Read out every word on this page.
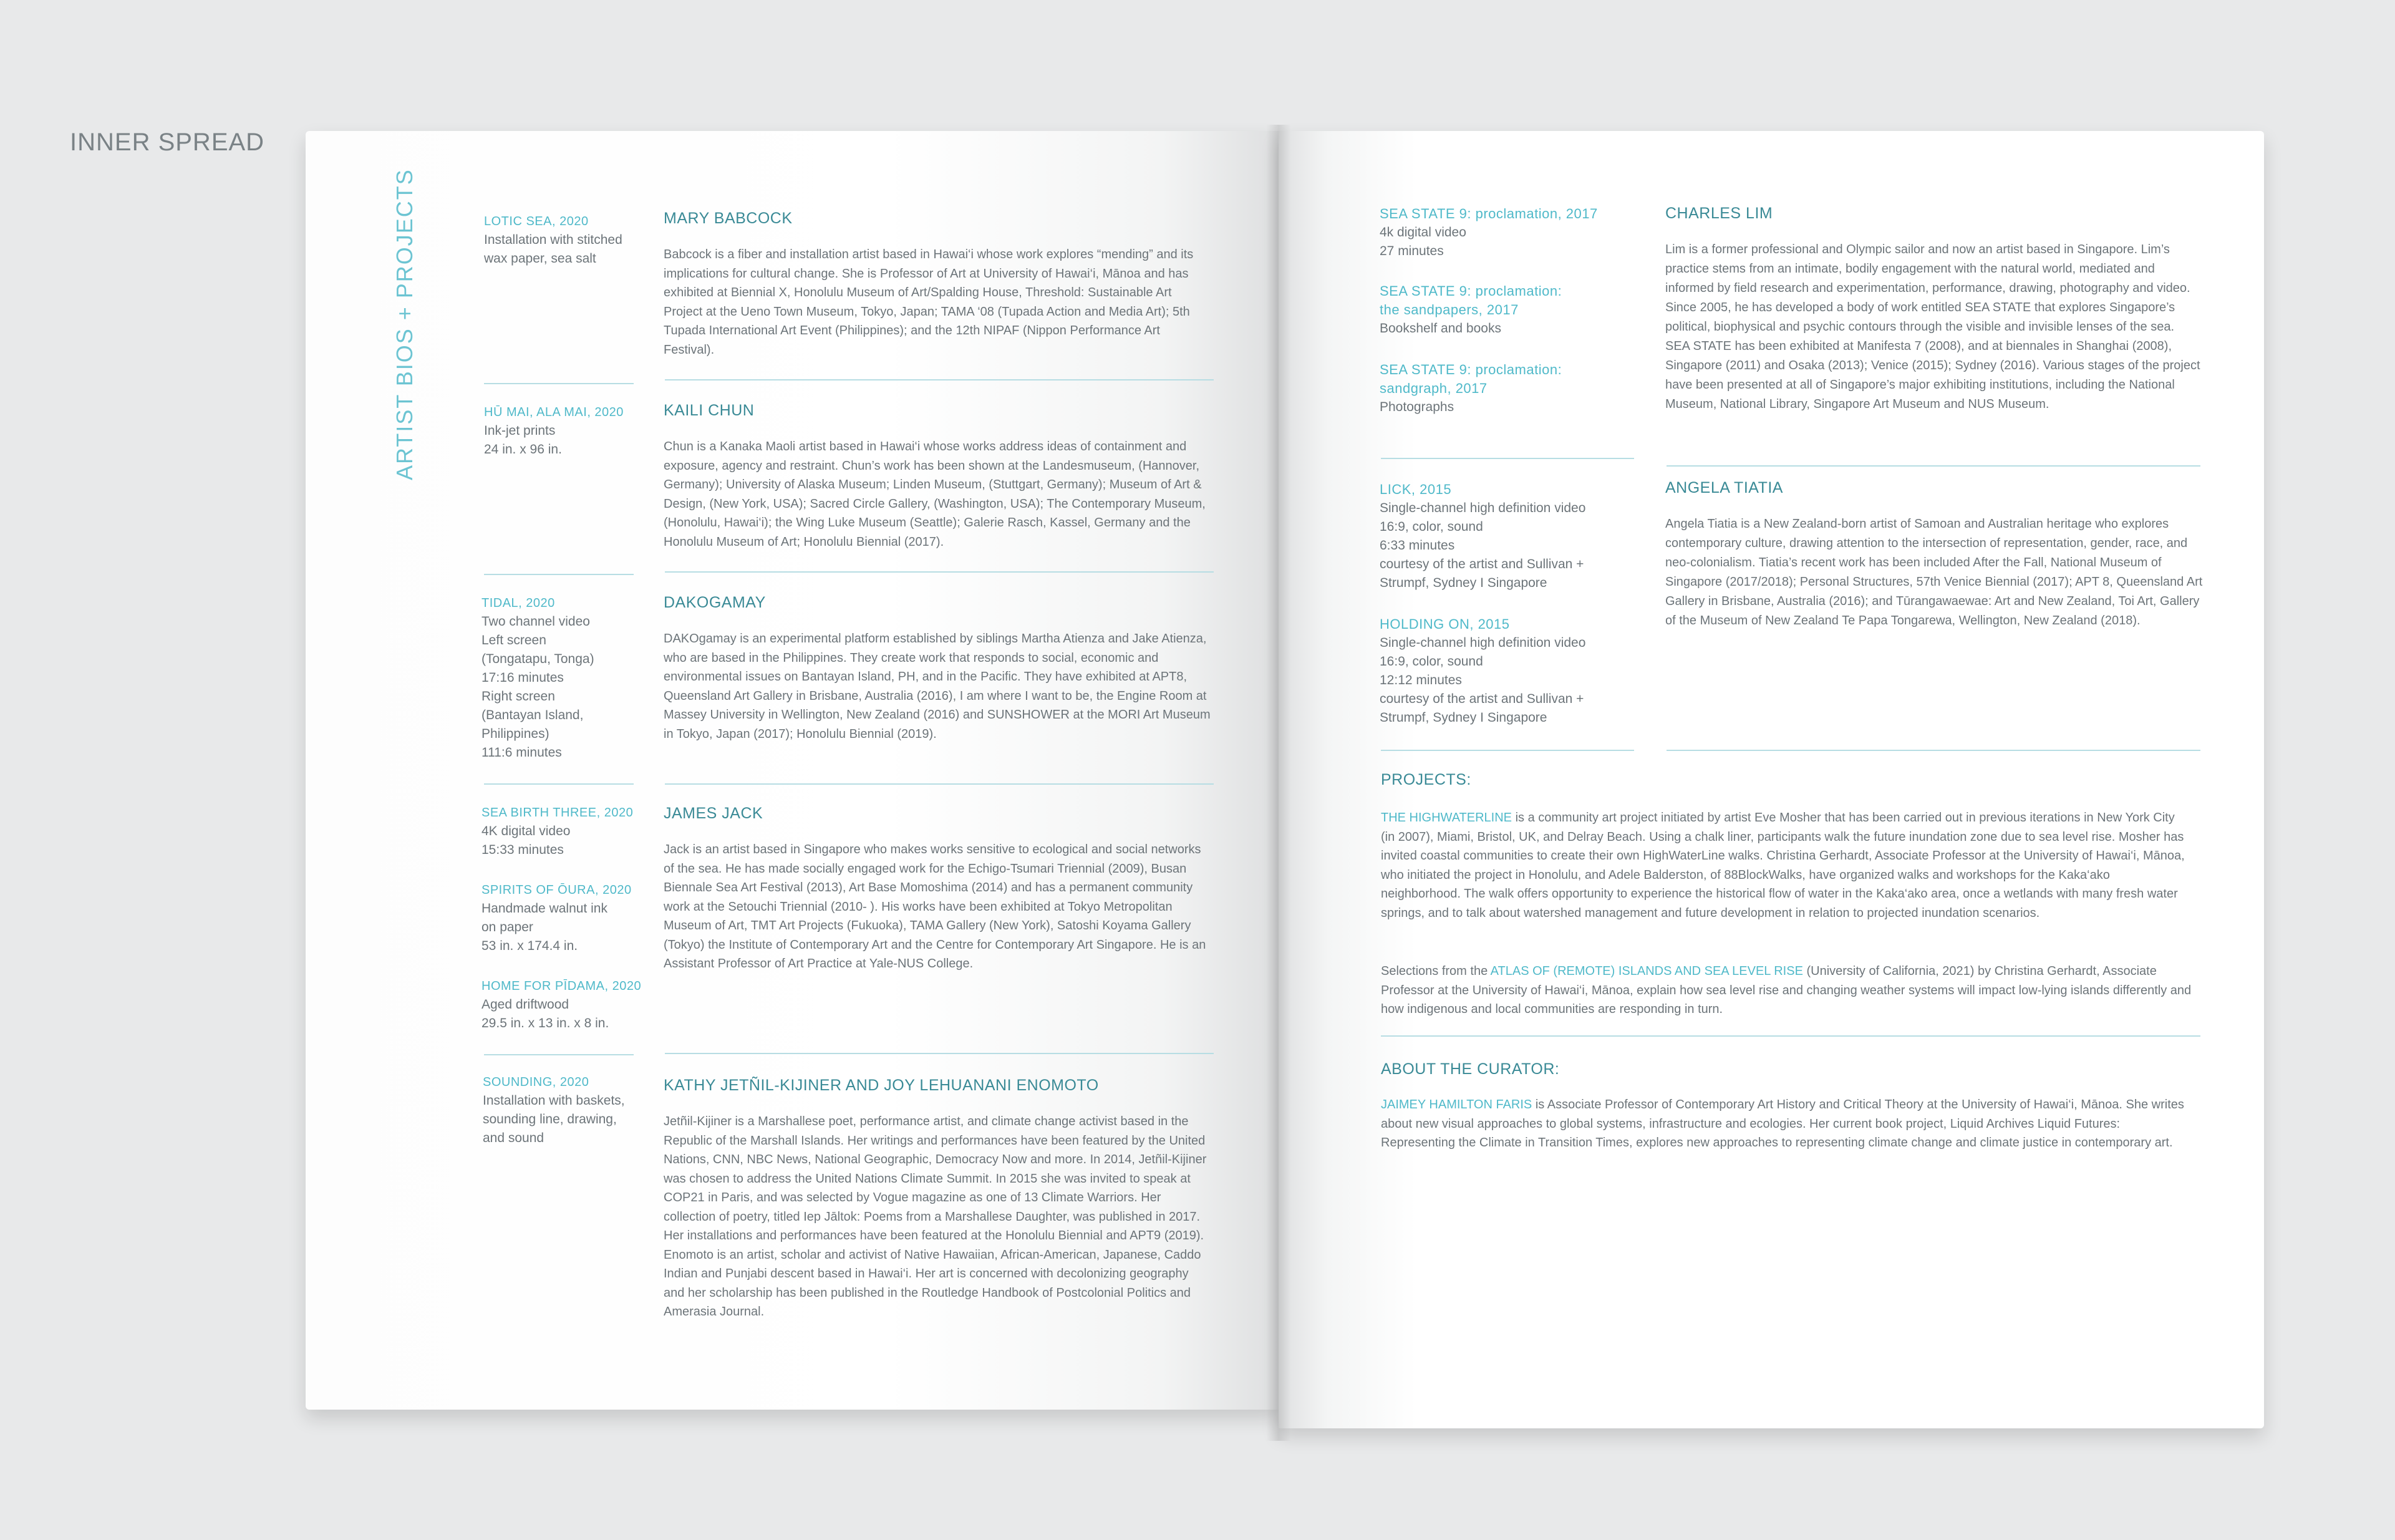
INNER SPREAD
ARTIST BIOS + PROJECTS	LOTIC SEA, 2020
Installation with stitched
wax paper, sea salt
HŪ MAI, ALA MAI, 2020
Ink-jet prints
24 in. x 96 in.
TIDAL, 2020
Two channel video
Left screen
(Tongatapu, Tonga)
17:16 minutes
Right screen
(Bantayan Island,
Philippines)
111:6 minutes
SEA BIRTH THREE, 2020
4K digital video
15:33 minutes
SPIRITS OF ŌURA, 2020
Handmade walnut ink
on paper
53 in. x 174.4 in.
HOME FOR PĪDAMA, 2020
Aged driftwood
29.5 in. x 13 in. x 8 in.
SOUNDING, 2020
Installation with baskets,
sounding line, drawing,
and sound
MARY BABCOCK
Babcock is a fiber and installation artist based in Hawai‘i whose work explores “mending” and its implications for cultural change. She is Professor of Art at University of Hawai‘i, Mānoa and has exhibited at Biennial X, Honolulu Museum of Art/Spalding House, Threshold: Sustainable Art Project at the Ueno Town Museum, Tokyo, Japan; TAMA ‘08 (Tupada Action and Media Art); 5th Tupada International Art Event (Philippines); and the 12th NIPAF (Nippon Performance Art Festival).
KAILI CHUN
Chun is a Kanaka Maoli artist based in Hawai‘i whose works address ideas of containment and exposure, agency and restraint. Chun’s work has been shown at the Landesmuseum, (Hannover, Germany); University of Alaska Museum; Linden Museum, (Stuttgart, Germany); Museum of Art & Design, (New York, USA); Sacred Circle Gallery, (Washington, USA); The Contemporary Museum, (Honolulu, Hawai‘i); the Wing Luke Museum (Seattle); Galerie Rasch, Kassel, Germany and the Honolulu Museum of Art; Honolulu Biennial (2017).
DAKOGAMAY
DAKOgamay is an experimental platform established by siblings Martha Atienza and Jake Atienza, who are based in the Philippines. They create work that responds to social, economic and environmental issues on Bantayan Island, PH, and in the Pacific. They have exhibited at APT8, Queensland Art Gallery in Brisbane, Australia (2016), I am where I want to be, the Engine Room at Massey University in Wellington, New Zealand (2016) and SUNSHOWER at the MORI Art Museum in Tokyo, Japan (2017); Honolulu Biennial (2019).
JAMES JACK
Jack is an artist based in Singapore who makes works sensitive to ecological and social networks of the sea. He has made socially engaged work for the Echigo-Tsumari Triennial (2009), Busan Biennale Sea Art Festival (2013), Art Base Momoshima (2014) and has a permanent community work at the Setouchi Triennial (2010- ). His works have been exhibited at Tokyo Metropolitan Museum of Art, TMT Art Projects (Fukuoka), TAMA Gallery (New York), Satoshi Koyama Gallery (Tokyo) the Institute of Contemporary Art and the Centre for Contemporary Art Singapore. He is an Assistant Professor of Art Practice at Yale-NUS College.
KATHY JETÑIL-KIJINER AND JOY LEHUANANI ENOMOTO
Jetñil-Kijiner is a Marshallese poet, performance artist, and climate change activist based in the Republic of the Marshall Islands. Her writings and performances have been featured by the United Nations, CNN, NBC News, National Geographic, Democracy Now and more. In 2014, Jetñil-Kijiner was chosen to address the United Nations Climate Summit. In 2015 she was invited to speak at COP21 in Paris, and was selected by Vogue magazine as one of 13 Climate Warriors. Her collection of poetry, titled Iep Jāltok: Poems from a Marshallese Daughter, was published in 2017. Her installations and performances have been featured at the Honolulu Biennial and APT9 (2019). Enomoto is an artist, scholar and activist of Native Hawaiian, African-American, Japanese, Caddo Indian and Punjabi descent based in Hawai‘i. Her art is concerned with decolonizing geography and her scholarship has been published in the Routledge Handbook of Postcolonial Politics and Amerasia Journal.
SEA STATE 9: proclamation, 2017
4k digital video
27 minutes
SEA STATE 9: proclamation:
the sandpapers, 2017
Bookshelf and books
SEA STATE 9: proclamation:
sandgraph, 2017
Photographs
LICK, 2015
Single-channel high definition video
16:9, color, sound
6:33 minutes
courtesy of the artist and Sullivan +
Strumpf, Sydney I Singapore
HOLDING ON, 2015
Single-channel high definition video
16:9, color, sound
12:12 minutes
courtesy of the artist and Sullivan +
Strumpf, Sydney I Singapore
CHARLES LIM
Lim is a former professional and Olympic sailor and now an artist based in Singapore. Lim’s practice stems from an intimate, bodily engagement with the natural world, mediated and informed by field research and experimentation, performance, drawing, photography and video. Since 2005, he has developed a body of work entitled SEA STATE that explores Singapore’s political, biophysical and psychic contours through the visible and invisible lenses of the sea. SEA STATE has been exhibited at Manifesta 7 (2008), and at biennales in Shanghai (2008), Singapore (2011) and Osaka (2013); Venice (2015); Sydney (2016). Various stages of the project have been presented at all of Singapore’s major exhibiting institutions, including the National Museum, National Library, Singapore Art Museum and NUS Museum.
ANGELA TIATIA
Angela Tiatia is a New Zealand-born artist of Samoan and Australian heritage who explores contemporary culture, drawing attention to the intersection of representation, gender, race, and neo-colonialism. Tiatia’s recent work has been included After the Fall, National Museum of Singapore (2017/2018); Personal Structures, 57th Venice Biennial (2017); APT 8, Queensland Art Gallery in Brisbane, Australia (2016); and Tūrangawaewae: Art and New Zealand, Toi Art, Gallery of the Museum of New Zealand Te Papa Tongarewa, Wellington, New Zealand (2018).
PROJECTS:
THE HIGHWATERLINE is a community art project initiated by artist Eve Mosher that has been carried out in previous iterations in New York City (in 2007), Miami, Bristol, UK, and Delray Beach. Using a chalk liner, participants walk the future inundation zone due to sea level rise. Mosher has invited coastal communities to create their own HighWaterLine walks. Christina Gerhardt, Associate Professor at the University of Hawai‘i, Mānoa, who initiated the project in Honolulu, and Adele Balderston, of 88BlockWalks, have organized walks and workshops for the Kaka‘ako neighborhood. The walk offers opportunity to experience the historical flow of water in the Kaka‘ako area, once a wetlands with many fresh water springs, and to talk about watershed management and future development in relation to projected inundation scenarios.
Selections from the ATLAS OF (REMOTE) ISLANDS AND SEA LEVEL RISE (University of California, 2021) by Christina Gerhardt, Associate Professor at the University of Hawai‘i, Mānoa, explain how sea level rise and changing weather systems will impact low-lying islands differently and how indigenous and local communities are responding in turn.
ABOUT THE CURATOR:
JAIMEY HAMILTON FARIS is Associate Professor of Contemporary Art History and Critical Theory at the University of Hawai‘i, Mānoa. She writes about new visual approaches to global systems, infrastructure and ecologies. Her current book project, Liquid Archives Liquid Futures: Representing the Climate in Transition Times, explores new approaches to representing climate change and climate justice in contemporary art.
